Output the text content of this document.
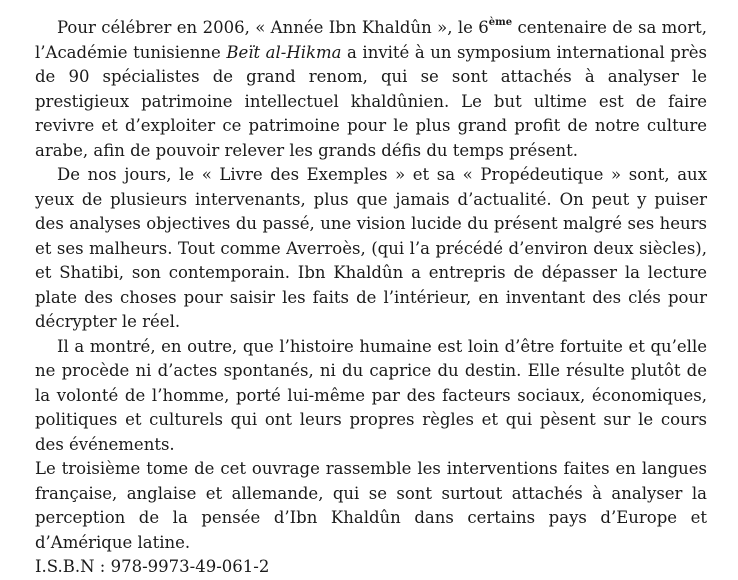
Pour célébrer en 2006, « Année Ibn Khaldûn », le 6ème centenaire de sa mort, l’Académie tunisienne Beït al-Hikma a invité à un symposium international près de 90 spécialistes de grand renom, qui se sont attachés à analyser le prestigieux patrimoine intellectuel khaldûnien. Le but ultime est de faire revivre et d’exploiter ce patrimoine pour le plus grand profit de notre culture arabe, afin de pouvoir relever les grands défis du temps présent.

De nos jours, le « Livre des Exemples » et sa « Propédeutique » sont, aux yeux de plusieurs intervenants, plus que jamais d’actualité. On peut y puiser des analyses objectives du passé, une vision lucide du présent malgré ses heurs et ses malheurs. Tout comme Averroès, (qui l’a précédé d’environ deux siècles), et Shatibi, son contemporain. Ibn Khaldûn a entrepris de dépasser la lecture plate des choses pour saisir les faits de l’intérieur, en inventant des clés pour décrypter le réel.

Il a montré, en outre, que l’histoire humaine est loin d’être fortuite et qu’elle ne procède ni d’actes spontanés, ni du caprice du destin. Elle résulte plutôt de la volonté de l’homme, porté lui-même par des facteurs sociaux, économiques, politiques et culturels qui ont leurs propres règles et qui pèsent sur le cours des événements.

Le troisième tome de cet ouvrage rassemble les interventions faites en langues française, anglaise et allemande, qui se sont surtout attachés à analyser la perception de la pensée d’Ibn Khaldûn dans certains pays d’Europe et d’Amérique latine.

I.S.B.N : 978-9973-49-061-2
